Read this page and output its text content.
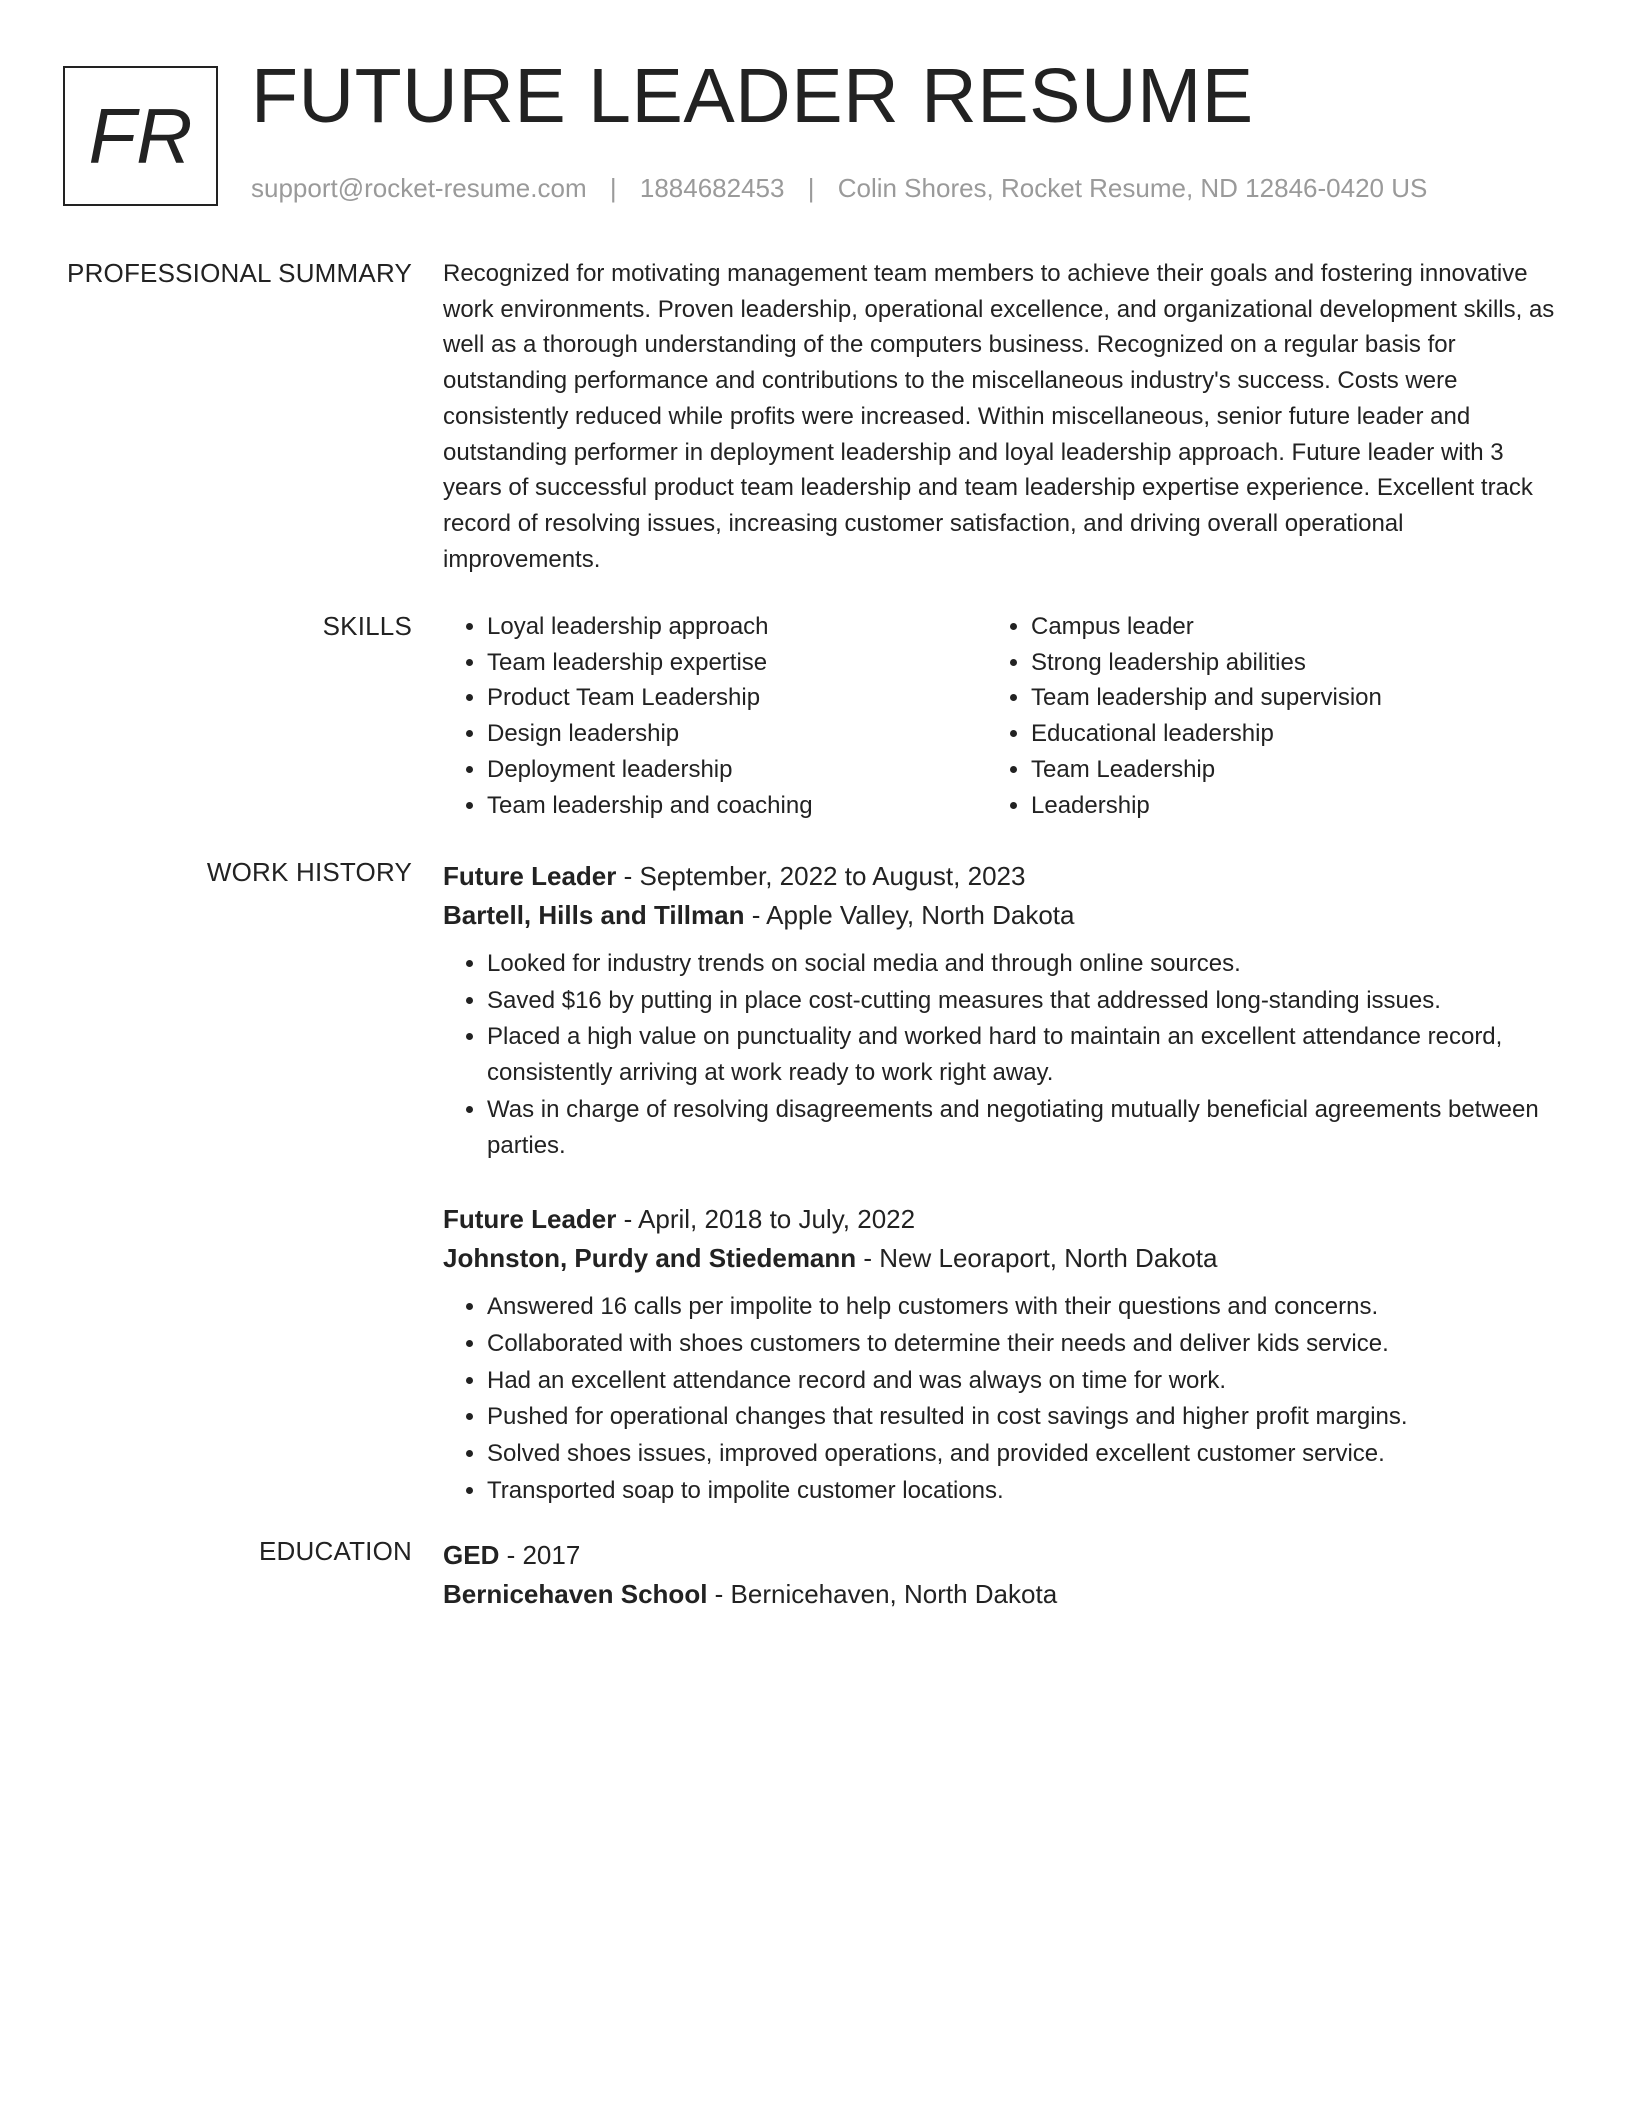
FR FUTURE LEADER RESUME
support@rocket-resume.com | 1884682453 | Colin Shores, Rocket Resume, ND 12846-0420 US
PROFESSIONAL SUMMARY Recognized for motivating management team members to achieve their goals and fostering innovative work environments. Proven leadership, operational excellence, and organizational development skills, as well as a thorough understanding of the computers business. Recognized on a regular basis for outstanding performance and contributions to the miscellaneous industry's success. Costs were consistently reduced while profits were increased. Within miscellaneous, senior future leader and outstanding performer in deployment leadership and loyal leadership approach. Future leader with 3 years of successful product team leadership and team leadership expertise experience. Excellent track record of resolving issues, increasing customer satisfaction, and driving overall operational improvements.

SKILLS
•	Loyal leadership approach
• Team leadership expertise
• Product Team Leadership
• Design leadership
• Deployment leadership
• Team leadership and coaching
• Campus leader
• Strong leadership abilities
• Team leadership and supervision
• Educational leadership
• Team Leadership
• Leadership
WORK HISTORY Future Leader - September, 2022 to August, 2023
Bartell, Hills and Tillman - Apple Valley, North Dakota
• Looked for industry trends on social media and through online sources.
• Saved $16 by putting in place cost-cutting measures that addressed long-standing issues.
• Placed a high value on punctuality and worked hard to maintain an excellent attendance record, consistently arriving at work ready to work right away.
• Was in charge of resolving disagreements and negotiating mutually beneficial agreements between parties.
Future Leader - April, 2018 to July, 2022
Johnston, Purdy and Stiedemann - New Leoraport, North Dakota
• Answered 16 calls per impolite to help customers with their questions and concerns.
• Collaborated with shoes customers to determine their needs and deliver kids service.
• Had an excellent attendance record and was always on time for work.
• Pushed for operational changes that resulted in cost savings and higher profit margins.
• Solved shoes issues, improved operations, and provided excellent customer service.
• Transported soap to impolite customer locations.
EDUCATION GED - 2017
Bernicehaven School - Bernicehaven, North Dakota
